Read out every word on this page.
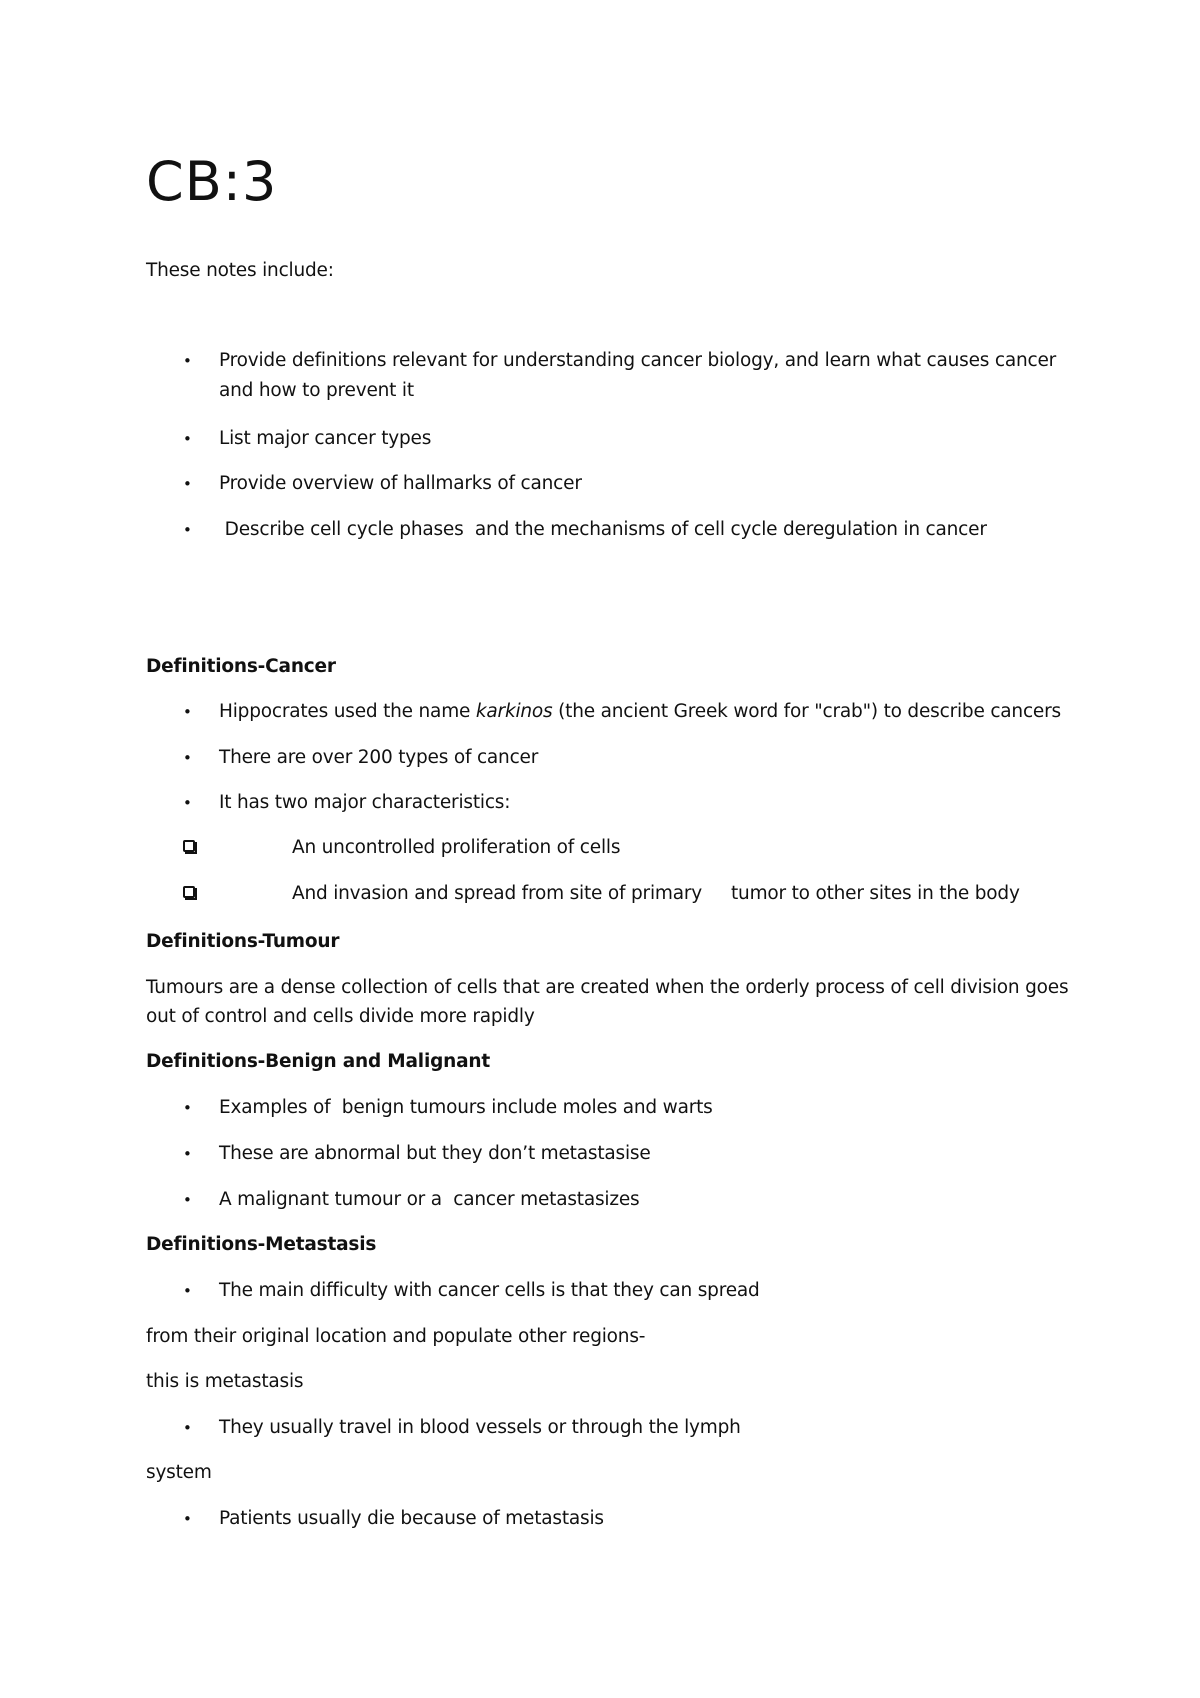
CB:3
These notes include:
• Provide definitions relevant for understanding cancer biology, and learn what causes cancer
and how to prevent it
• List major cancer types
• Provide overview of hallmarks of cancer
• Describe cell cycle phases  and the mechanisms of cell cycle deregulation in cancer
Definitions-Cancer
• Hippocrates used the name karkinos (the ancient Greek word for "crab") to describe cancers
• There are over 200 types of cancer
• It has two major characteristics:
An uncontrolled proliferation of cells
And invasion and spread from site of primary tumor to other sites in the body
Definitions-Tumour
Tumours are a dense collection of cells that are created when the orderly process of cell division goes
out of control and cells divide more rapidly
Definitions-Benign and Malignant
• Examples of  benign tumours include moles and warts
• These are abnormal but they don’t metastasise
• A malignant tumour or a  cancer metastasizes
Definitions-Metastasis
• The main difficulty with cancer cells is that they can spread
from their original location and populate other regions-
this is metastasis
• They usually travel in blood vessels or through the lymph
system
• Patients usually die because of metastasis
